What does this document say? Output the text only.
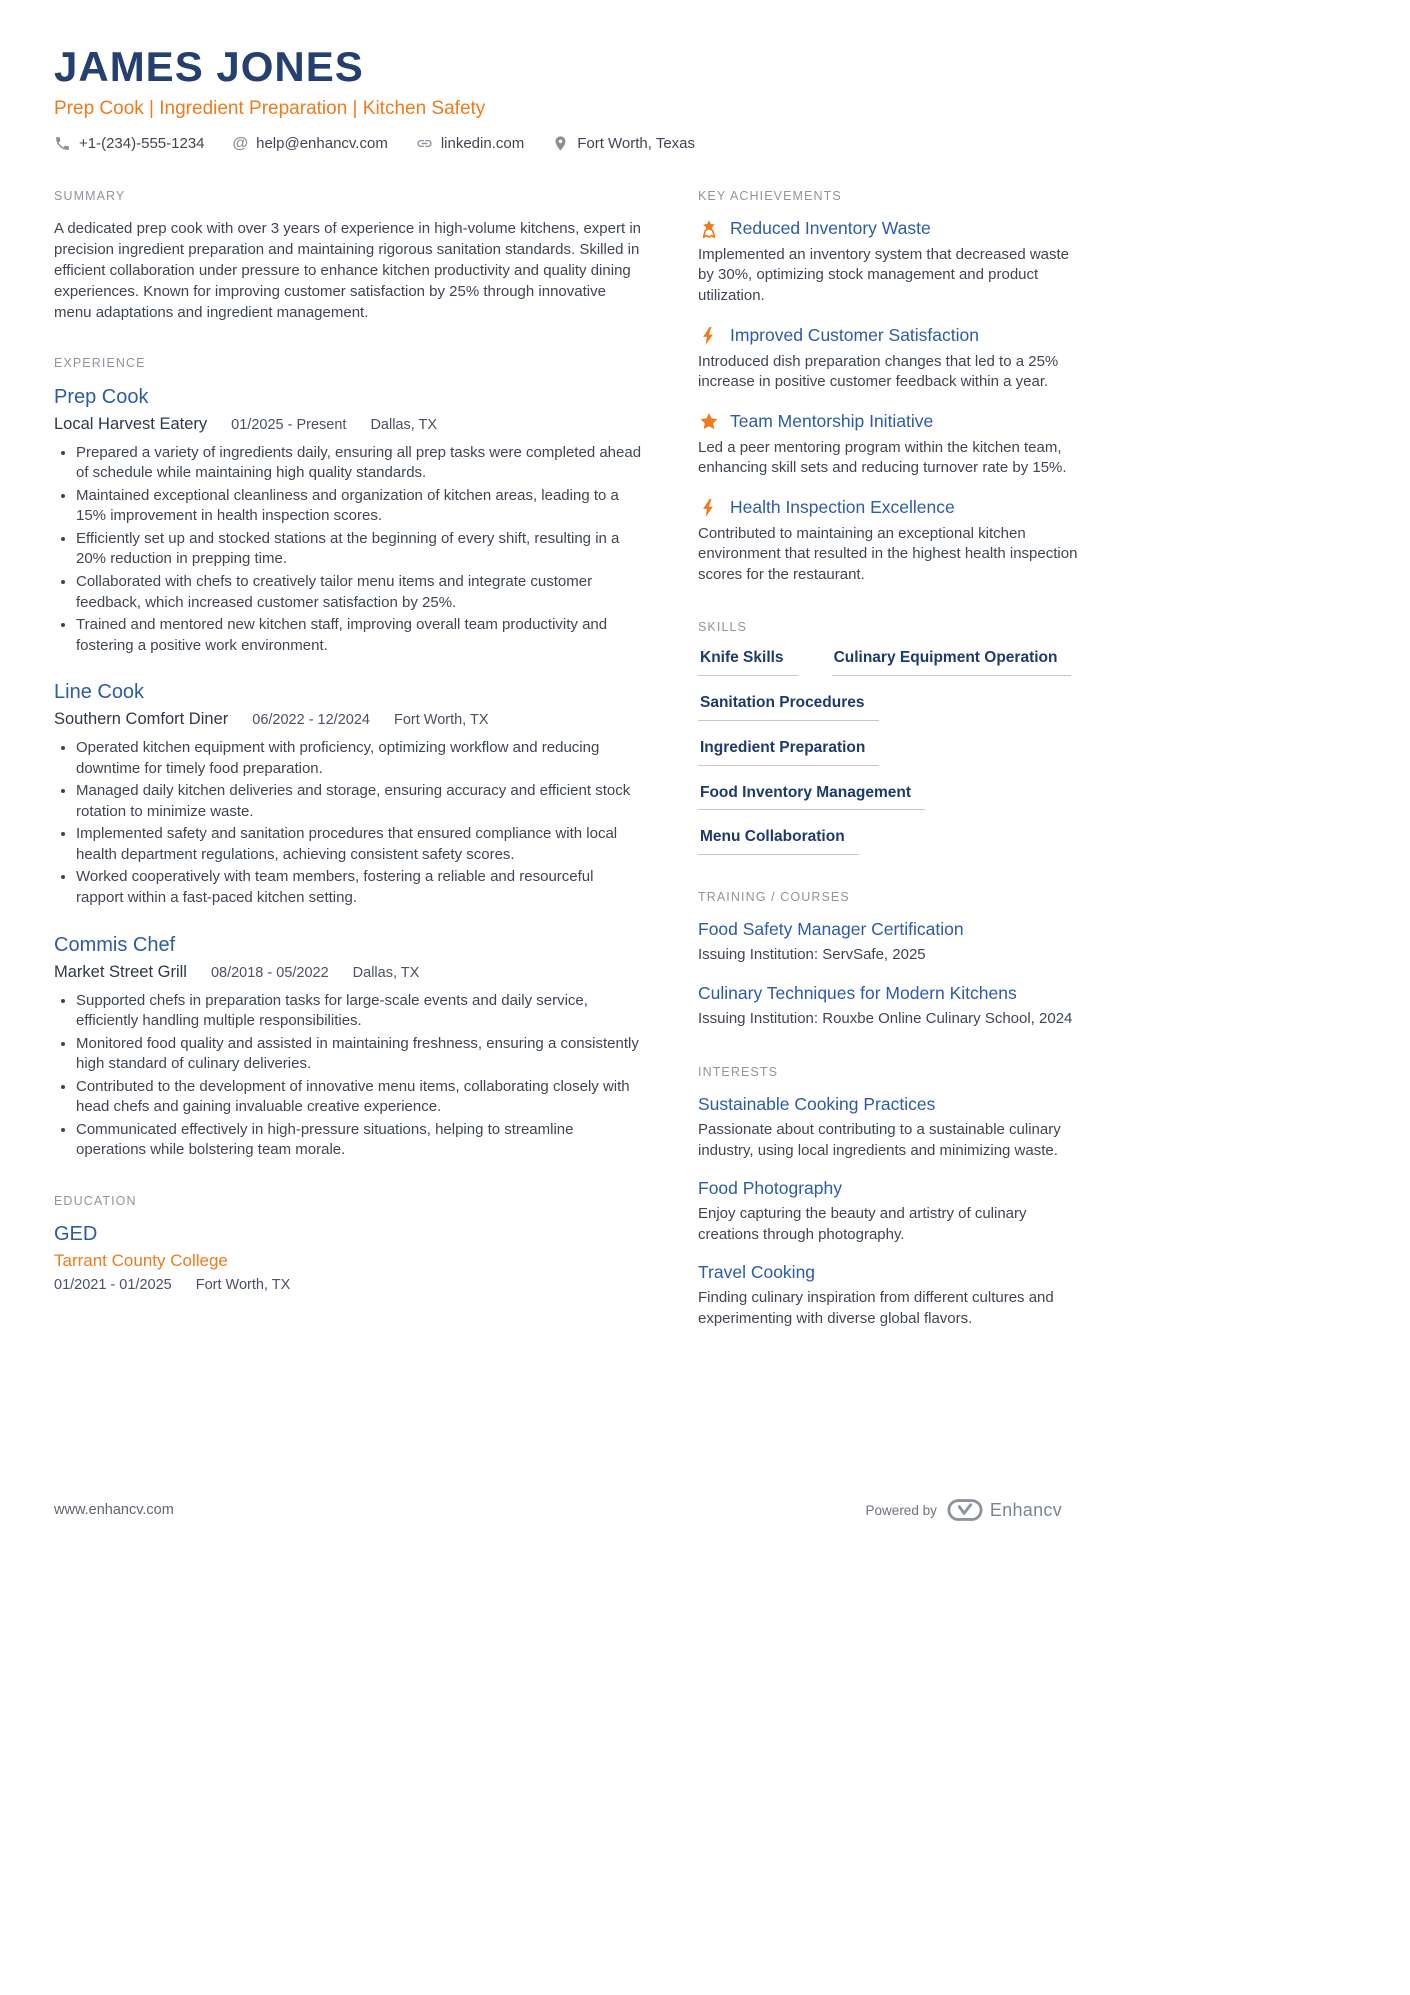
JAMES JONES
Prep Cook | Ingredient Preparation | Kitchen Safety
+1-(234)-555-1234 @ help@enhancv.com	linkedin.com	Fort Worth, Texas
SUMMARY

A dedicated prep cook with over 3 years of experience in high-volume kitchens, expert in precision ingredient preparation and maintaining rigorous sanitation standards. Skilled in efficient collaboration under pressure to enhance kitchen productivity and quality dining experiences. Known for improving customer satisfaction by 25% through innovative menu adaptations and ingredient management.

EXPERIENCE
Prep Cook
Local Harvest Eatery 01/2025 - Present Dallas, TX
• Prepared a variety of ingredients daily, ensuring all prep tasks were completed ahead of schedule while maintaining high quality standards.
• Maintained exceptional cleanliness and organization of kitchen areas, leading to a 15% improvement in health inspection scores.
• Efficiently set up and stocked stations at the beginning of every shift, resulting in a 20% reduction in prepping time.
• Collaborated with chefs to creatively tailor menu items and integrate customer feedback, which increased customer satisfaction by 25%.
• Trained and mentored new kitchen staff, improving overall team productivity and fostering a positive work environment.
Line Cook
Southern Comfort Diner 06/2022 - 12/2024 Fort Worth, TX
• Operated kitchen equipment with proficiency, optimizing workflow and reducing downtime for timely food preparation.
• Managed daily kitchen deliveries and storage, ensuring accuracy and efficient stock rotation to minimize waste.
• Implemented safety and sanitation procedures that ensured compliance with local health department regulations, achieving consistent safety scores.
• Worked cooperatively with team members, fostering a reliable and resourceful rapport within a fast-paced kitchen setting.
Commis Chef
Market Street Grill 08/2018 - 05/2022 Dallas, TX
• Supported chefs in preparation tasks for large-scale events and daily service, efficiently handling multiple responsibilities.
• Monitored food quality and assisted in maintaining freshness, ensuring a consistently high standard of culinary deliveries.
• Contributed to the development of innovative menu items, collaborating closely with head chefs and gaining invaluable creative experience.
• Communicated effectively in high-pressure situations, helping to streamline operations while bolstering team morale.
EDUCATION
GED
Tarrant County College
01/2021 - 01/2025 Fort Worth, TX
KEY ACHIEVEMENTS
Reduced Inventory Waste

Implemented an inventory system that decreased waste by 30%, optimizing stock management and product utilization.

Improved Customer Satisfaction

Introduced dish preparation changes that led to a 25% increase in positive customer feedback within a year.

Team Mentorship Initiative

Led a peer mentoring program within the kitchen team, enhancing skill sets and reducing turnover rate by 15%.

Health Inspection Excellence

Contributed to maintaining an exceptional kitchen environment that resulted in the highest health inspection scores for the restaurant.

SKILLS
Knife Skills	Culinary Equipment Operation
Sanitation Procedures
Ingredient Preparation
Food Inventory Management
Menu Collaboration
TRAINING / COURSES
Food Safety Manager Certification
Issuing Institution: ServSafe, 2025
Culinary Techniques for Modern Kitchens
Issuing Institution: Rouxbe Online Culinary School, 2024
INTERESTS
Sustainable Cooking Practices

Passionate about contributing to a sustainable culinary industry, using local ingredients and minimizing waste.

Food Photography

Enjoy capturing the beauty and artistry of culinary creations through photography.

Travel Cooking

Finding culinary inspiration from different cultures and experimenting with diverse global flavors.

www.enhancv.com	Powered by	Enhancv
